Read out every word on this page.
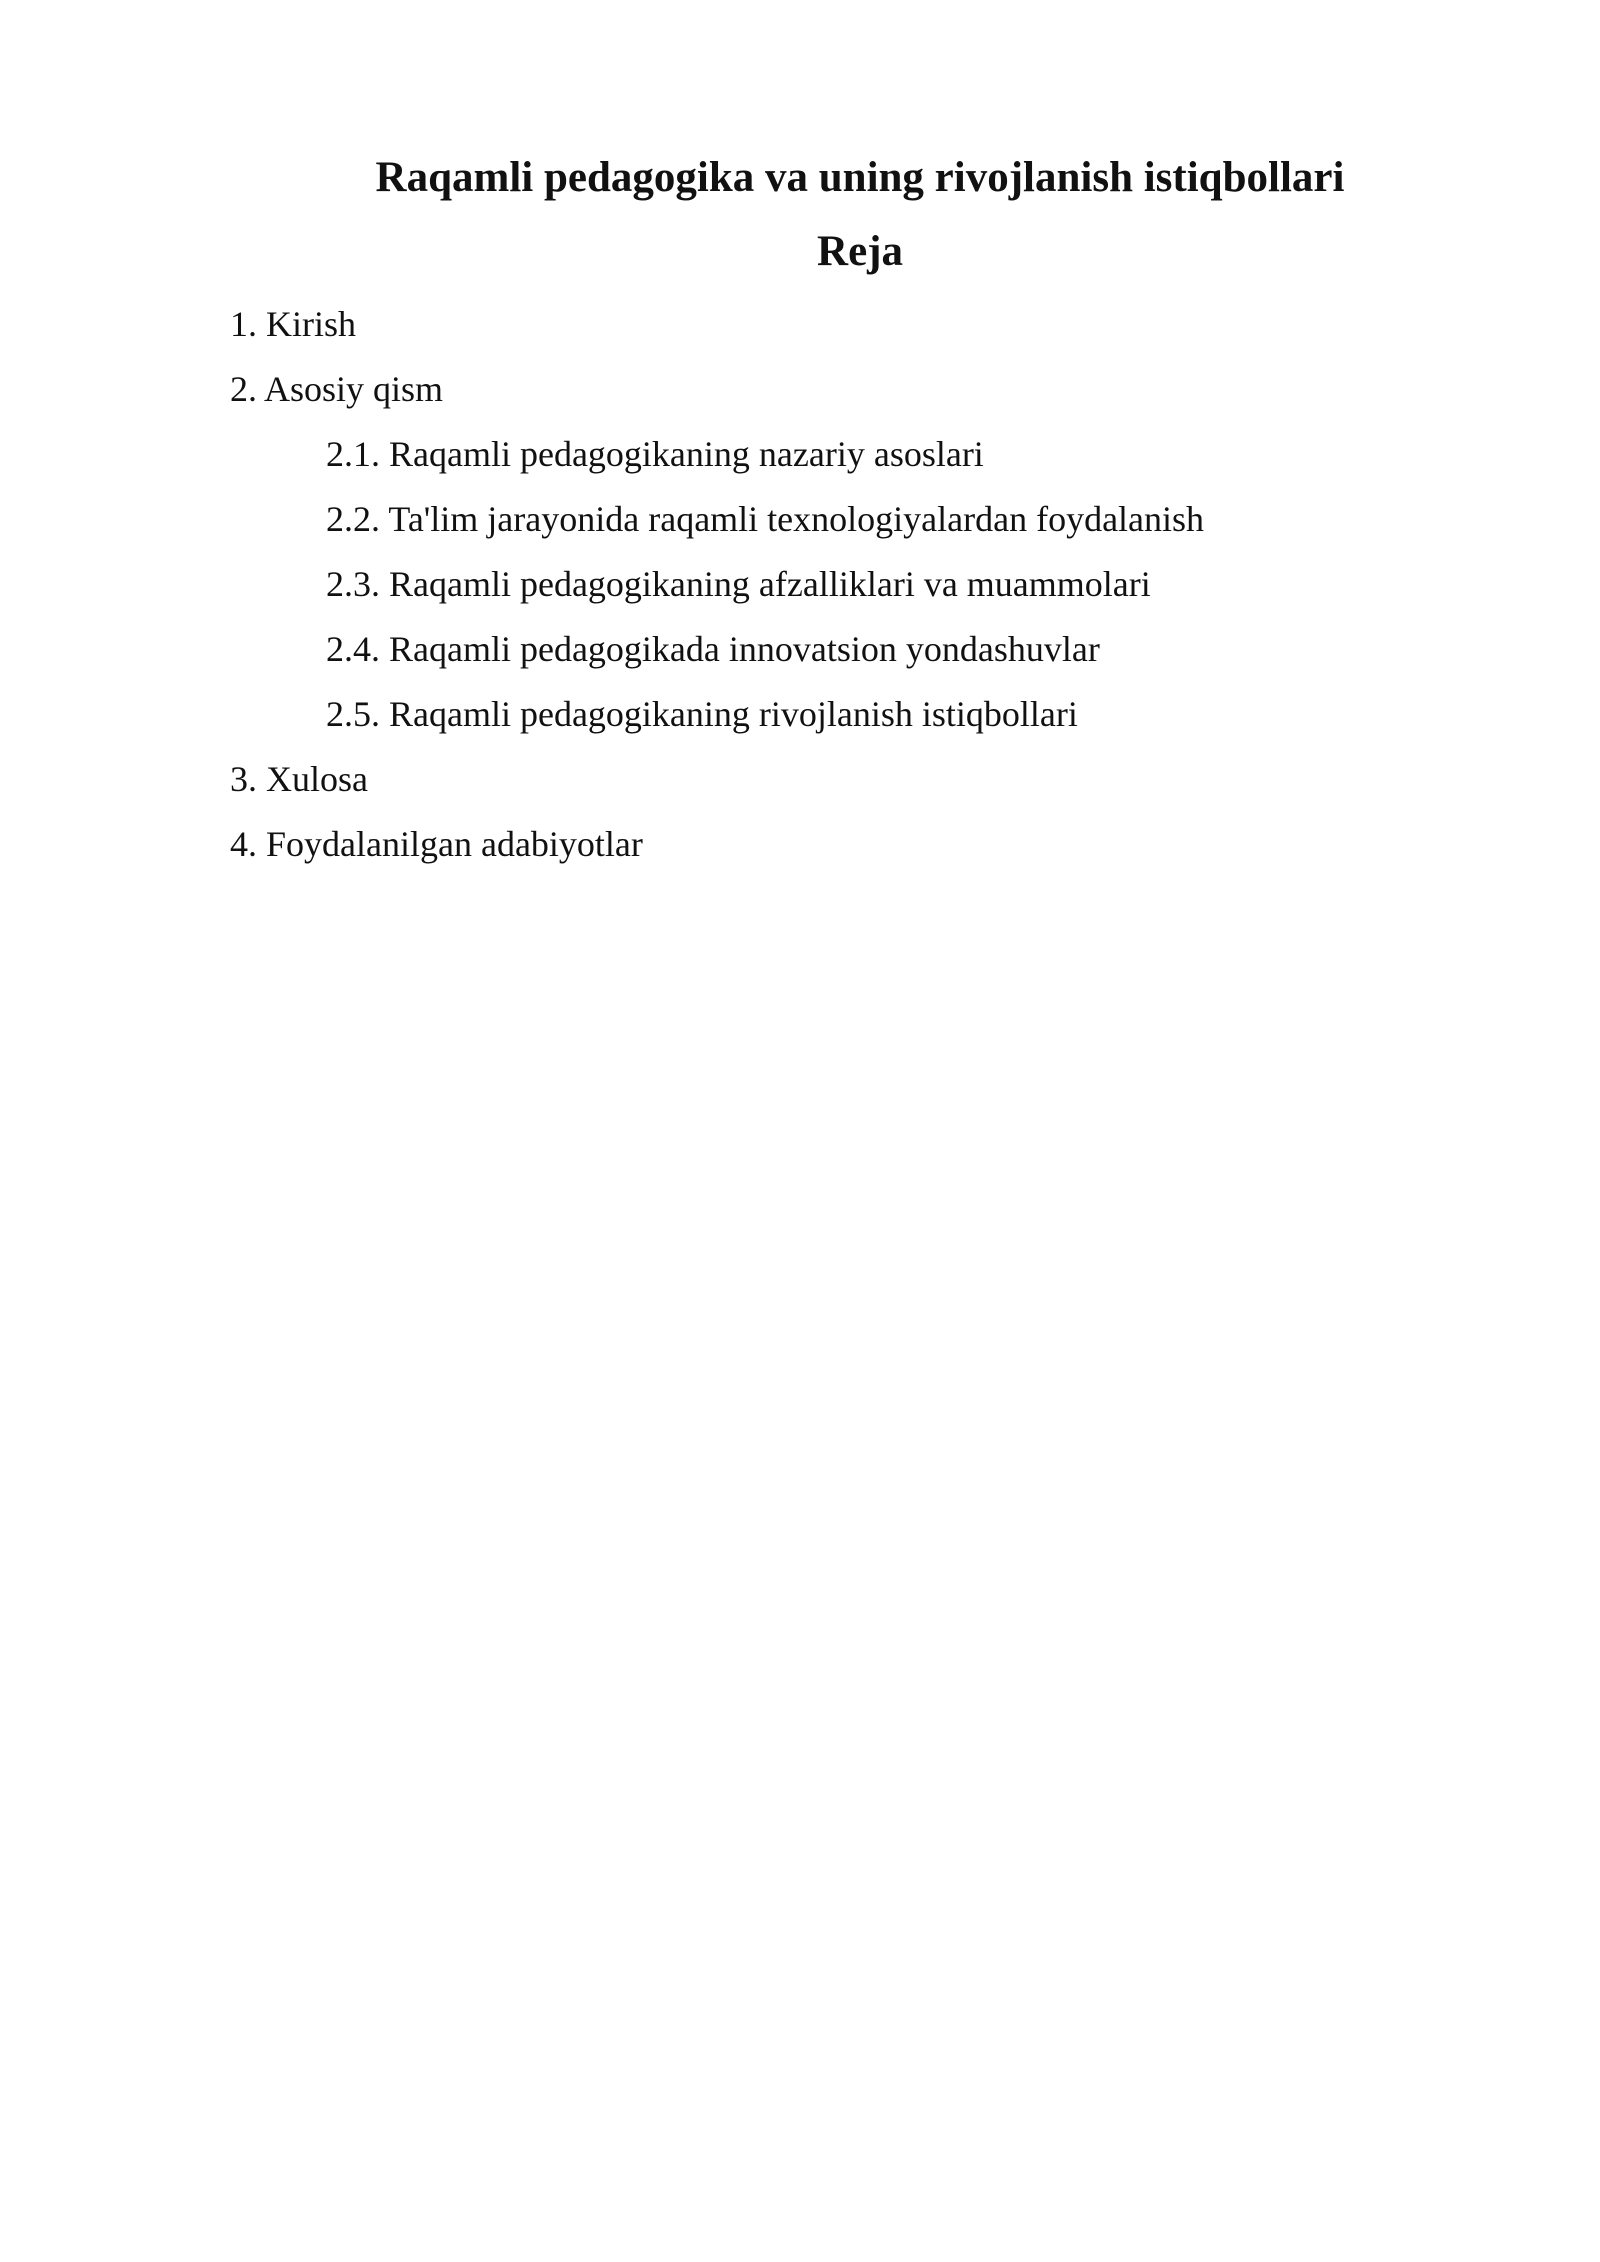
Raqamli pedagogika va uning rivojlanish istiqbollari
Reja

1. Kirish

2. Asosiy qism

2.1. Raqamli pedagogikaning nazariy asoslari

2.2. Ta'lim jarayonida raqamli texnologiyalardan foydalanish

2.3. Raqamli pedagogikaning afzalliklari va muammolari

2.4. Raqamli pedagogikada innovatsion yondashuvlar

2.5. Raqamli pedagogikaning rivojlanish istiqbollari

3. Xulosa

4. Foydalanilgan adabiyotlar
